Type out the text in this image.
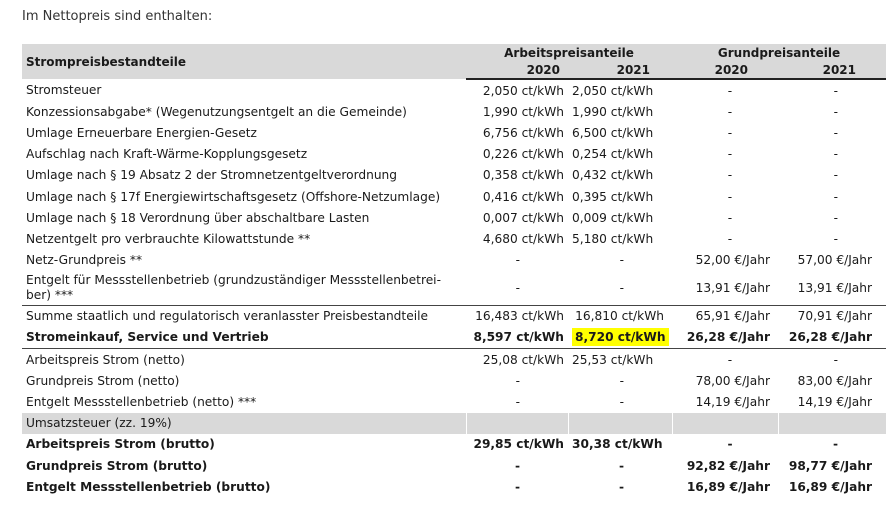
Im Nettopreis sind enthalten:
Strompreisbestandteile	Arbeitspreisanteile		Grundpreisanteile	
	2020	2021	2020	2021
Stromsteuer	2,050 ct/kWh	2,050 ct/kWh	-	-
Konzessionsabgabe* (Wegenutzungsentgelt an die Gemeinde)	1,990 ct/kWh	1,990 ct/kWh	-	-
Umlage Erneuerbare Energien-Gesetz	6,756 ct/kWh	6,500 ct/kWh	-	-
Aufschlag nach Kraft-Wärme-Kopplungsgesetz	0,226 ct/kWh	0,254 ct/kWh	-	-
Umlage nach § 19 Absatz 2 der Stromnetzentgeltverordnung	0,358 ct/kWh	0,432 ct/kWh	-	-
Umlage nach § 17f Energiewirtschaftsgesetz (Offshore-Netzumlage)	0,416 ct/kWh	0,395 ct/kWh	-	-
Umlage nach § 18 Verordnung über abschaltbare Lasten	0,007 ct/kWh	0,009 ct/kWh	-	-
Netzentgelt pro verbrauchte Kilowattstunde **	4,680 ct/kWh	5,180 ct/kWh	-	-
Netz-Grundpreis **	-	-	52,00 €/Jahr	57,00 €/Jahr
Entgelt für Messstellenbetrieb (grundzuständiger Messstellenbetrei-ber) ***	-	-	13,91 €/Jahr	13,91 €/Jahr
Summe staatlich und regulatorisch veranlasster Preisbestandteile	16,483 ct/kWh	16,810 ct/kWh	65,91 €/Jahr	70,91 €/Jahr
Stromeinkauf, Service und Vertrieb	8,597 ct/kWh	8,720 ct/kWh	26,28 €/Jahr	26,28 €/Jahr
Arbeitspreis Strom (netto)	25,08 ct/kWh	25,53 ct/kWh	-	-
Grundpreis Strom (netto)	-	-	78,00 €/Jahr	83,00 €/Jahr
Entgelt Messstellenbetrieb (netto) ***	-	-	14,19 €/Jahr	14,19 €/Jahr
Umsatzsteuer (zz. 19%)				
Arbeitspreis Strom (brutto)	29,85 ct/kWh	30,38 ct/kWh	-	-
Grundpreis Strom (brutto)	-	-	92,82 €/Jahr	98,77 €/Jahr
Entgelt Messstellenbetrieb (brutto)	-	-	16,89 €/Jahr	16,89 €/Jahr
